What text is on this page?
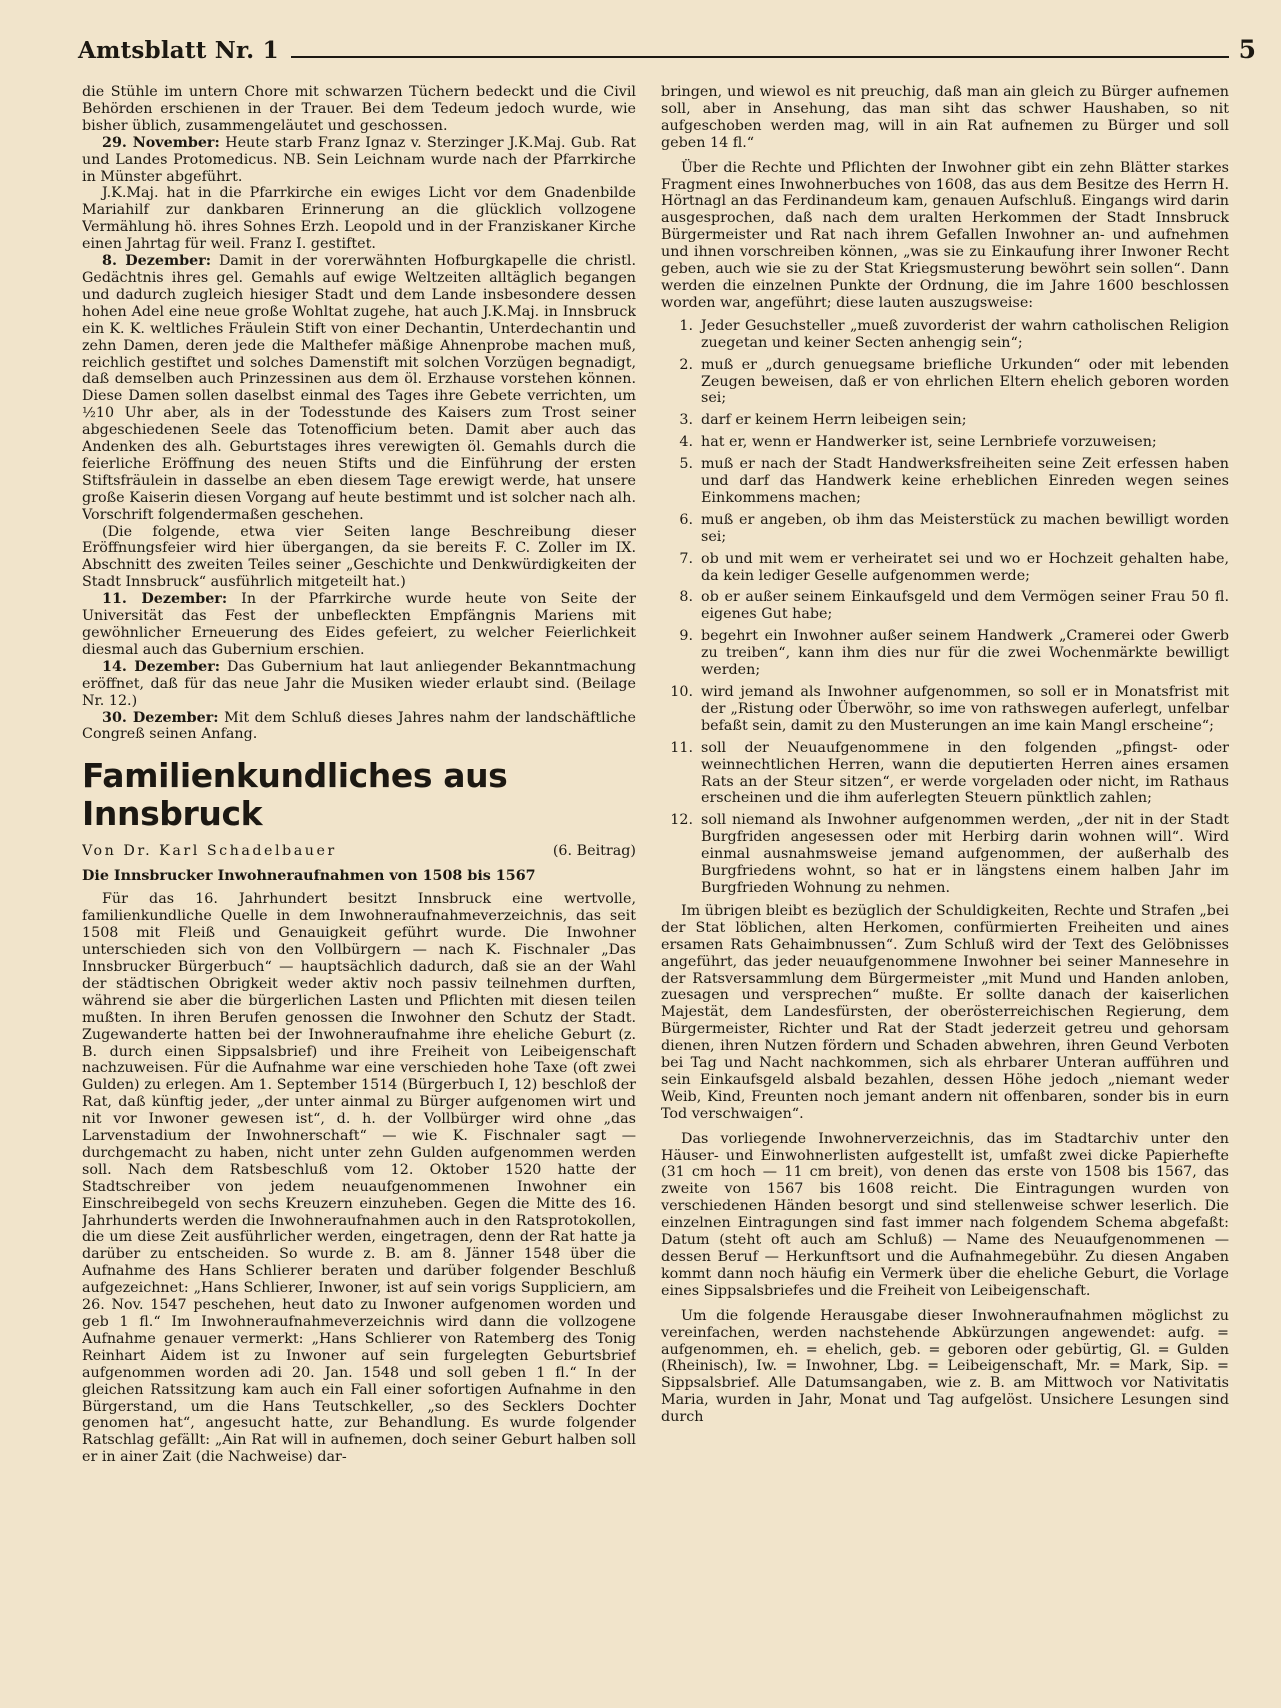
Amtsblatt Nr. 1	5

die Stühle im untern Chore mit schwarzen Tüchern bedeckt und die Civil Behörden erschienen in der Trauer. Bei dem Tedeum jedoch wurde, wie bisher üblich, zusammengeläutet und geschossen.

29. November: Heute starb Franz Ignaz v. Sterzinger J.K.Maj. Gub. Rat und Landes Protomedicus. NB. Sein Leichnam wurde nach der Pfarrkirche in Münster abgeführt.

J.K.Maj. hat in die Pfarrkirche ein ewiges Licht vor dem Gnadenbilde Mariahilf zur dankbaren Erinnerung an die glücklich vollzogene Vermählung hö. ihres Sohnes Erzh. Leopold und in der Franziskaner Kirche einen Jahrtag für weil. Franz I. gestiftet.

8. Dezember: Damit in der vorerwähnten Hofburgkapelle die christl. Gedächtnis ihres gel. Gemahls auf ewige Weltzeiten alltäglich begangen und dadurch zugleich hiesiger Stadt und dem Lande insbesondere dessen hohen Adel eine neue große Wohltat zugehe, hat auch J.K.Maj. in Innsbruck ein K. K. weltliches Fräulein Stift von einer Dechantin, Unterdechantin und zehn Damen, deren jede die Malthefer mäßige Ahnenprobe machen muß, reichlich gestiftet und solches Damenstift mit solchen Vorzügen begnadigt, daß demselben auch Prinzessinen aus dem öl. Erzhause vorstehen können. Diese Damen sollen daselbst einmal des Tages ihre Gebete verrichten, um ½10 Uhr aber, als in der Todesstunde des Kaisers zum Trost seiner abgeschiedenen Seele das Totenofficium beten. Damit aber auch das Andenken des alh. Geburtstages ihres verewigten öl. Gemahls durch die feierliche Eröffnung des neuen Stifts und die Einführung der ersten Stiftsfräulein in dasselbe an eben diesem Tage erewigt werde, hat unsere große Kaiserin diesen Vorgang auf heute bestimmt und ist solcher nach alh. Vorschrift folgendermaßen geschehen.

(Die folgende, etwa vier Seiten lange Beschreibung dieser Eröffnungsfeier wird hier übergangen, da sie bereits F. C. Zoller im IX. Abschnitt des zweiten Teiles seiner „Geschichte und Denkwürdigkeiten der Stadt Innsbruck“ ausführlich mitgeteilt hat.)

11. Dezember: In der Pfarrkirche wurde heute von Seite der Universität das Fest der unbefleckten Empfängnis Mariens mit gewöhnlicher Erneuerung des Eides gefeiert, zu welcher Feierlichkeit diesmal auch das Gubernium erschien.

14. Dezember: Das Gubernium hat laut anliegender Bekanntmachung eröffnet, daß für das neue Jahr die Musiken wieder erlaubt sind. (Beilage Nr. 12.)

30. Dezember: Mit dem Schluß dieses Jahres nahm der landschäftliche Congreß seinen Anfang.

Familienkundliches aus Innsbruck
Von Dr. Karl Schadelbauer	(6. Beitrag)
Die Innsbrucker Inwohneraufnahmen von 1508 bis 1567

Für das 16. Jahrhundert besitzt Innsbruck eine wertvolle, familienkundliche Quelle in dem Inwohneraufnahmeverzeichnis, das seit 1508 mit Fleiß und Genauigkeit geführt wurde. Die Inwohner unterschieden sich von den Vollbürgern — nach K. Fischnaler „Das Innsbrucker Bürgerbuch“ — hauptsächlich dadurch, daß sie an der Wahl der städtischen Obrigkeit weder aktiv noch passiv teilnehmen durften, während sie aber die bürgerlichen Lasten und Pflichten mit diesen teilen mußten. In ihren Berufen genossen die Inwohner den Schutz der Stadt. Zugewanderte hatten bei der Inwohneraufnahme ihre eheliche Geburt (z. B. durch einen Sippsalsbrief) und ihre Freiheit von Leibeigenschaft nachzuweisen. Für die Aufnahme war eine verschieden hohe Taxe (oft zwei Gulden) zu erlegen. Am 1. September 1514 (Bürgerbuch I, 12) beschloß der Rat, daß künftig jeder, „der unter ainmal zu Bürger aufgenomen wirt und nit vor Inwoner gewesen ist“, d. h. der Vollbürger wird ohne „das Larvenstadium der Inwohnerschaft“ — wie K. Fischnaler sagt — durchgemacht zu haben, nicht unter zehn Gulden aufgenommen werden soll. Nach dem Ratsbeschluß vom 12. Oktober 1520 hatte der Stadtschreiber von jedem neuaufgenommenen Inwohner ein Einschreibegeld von sechs Kreuzern einzuheben. Gegen die Mitte des 16. Jahrhunderts werden die Inwohneraufnahmen auch in den Ratsprotokollen, die um diese Zeit ausführlicher werden, eingetragen, denn der Rat hatte ja darüber zu entscheiden. So wurde z. B. am 8. Jänner 1548 über die Aufnahme des Hans Schlierer beraten und darüber folgender Beschluß aufgezeichnet: „Hans Schlierer, Inwoner, ist auf sein vorigs Suppliciern, am 26. Nov. 1547 peschehen, heut dato zu Inwoner aufgenomen worden und geb 1 fl.“ Im Inwohneraufnahmeverzeichnis wird dann die vollzogene Aufnahme genauer vermerkt: „Hans Schlierer von Ratemberg des Tonig Reinhart Aidem ist zu Inwoner auf sein furgelegten Geburtsbrief aufgenommen worden adi 20. Jan. 1548 und soll geben 1 fl.“ In der gleichen Ratssitzung kam auch ein Fall einer sofortigen Aufnahme in den Bürgerstand, um die Hans Teutschkeller, „so des Secklers Dochter genomen hat“, angesucht hatte, zur Behandlung. Es wurde folgender Ratschlag gefällt: „Ain Rat will in aufnemen, doch seiner Geburt halben soll er in ainer Zait (die Nachweise) dar-

bringen, und wiewol es nit preuchig, daß man ain gleich zu Bürger aufnemen soll, aber in Ansehung, das man siht das schwer Haushaben, so nit aufgeschoben werden mag, will in ain Rat aufnemen zu Bürger und soll geben 14 fl.“

Über die Rechte und Pflichten der Inwohner gibt ein zehn Blätter starkes Fragment eines Inwohnerbuches von 1608, das aus dem Besitze des Herrn H. Hörtnagl an das Ferdinandeum kam, genauen Aufschluß. Eingangs wird darin ausgesprochen, daß nach dem uralten Herkommen der Stadt Innsbruck Bürgermeister und Rat nach ihrem Gefallen Inwohner an- und aufnehmen und ihnen vorschreiben können, „was sie zu Einkaufung ihrer Inwoner Recht geben, auch wie sie zu der Stat Kriegsmusterung bewöhrt sein sollen“. Dann werden die einzelnen Punkte der Ordnung, die im Jahre 1600 beschlossen worden war, angeführt; diese lauten auszugsweise:

1. Jeder Gesuchsteller „mueß zuvorderist der wahrn catholischen Religion zuegetan und keiner Secten anhengig sein“;
2. muß er „durch genuegsame briefliche Urkunden“ oder mit lebenden Zeugen beweisen, daß er von ehrlichen Eltern ehelich geboren worden sei;
3. darf er keinem Herrn leibeigen sein;
4. hat er, wenn er Handwerker ist, seine Lernbriefe vorzuweisen;
5. muß er nach der Stadt Handwerksfreiheiten seine Zeit erfessen haben und darf das Handwerk keine erheblichen Einreden wegen seines Einkommens machen;
6. muß er angeben, ob ihm das Meisterstück zu machen bewilligt worden sei;
7. ob und mit wem er verheiratet sei und wo er Hochzeit gehalten habe, da kein lediger Geselle aufgenommen werde;
8. ob er außer seinem Einkaufsgeld und dem Vermögen seiner Frau 50 fl. eigenes Gut habe;
9. begehrt ein Inwohner außer seinem Handwerk „Cramerei oder Gwerb zu treiben“, kann ihm dies nur für die zwei Wochenmärkte bewilligt werden;
10. wird jemand als Inwohner aufgenommen, so soll er in Monatsfrist mit der „Ristung oder Überwöhr, so ime von rathswegen auferlegt, unfelbar befaßt sein, damit zu den Musterungen an ime kain Mangl erscheine“;
11. soll der Neuaufgenommene in den folgenden „pfingst- oder weinnechtlichen Herren, wann die deputierten Herren aines ersamen Rats an der Steur sitzen“, er werde vorgeladen oder nicht, im Rathaus erscheinen und die ihm auferlegten Steuern pünktlich zahlen;
12. soll niemand als Inwohner aufgenommen werden, „der nit in der Stadt Burgfriden angesessen oder mit Herbirg darin wohnen will“. Wird einmal ausnahmsweise jemand aufgenommen, der außerhalb des Burgfriedens wohnt, so hat er in längstens einem halben Jahr im Burgfrieden Wohnung zu nehmen.

Im übrigen bleibt es bezüglich der Schuldigkeiten, Rechte und Strafen „bei der Stat löblichen, alten Herkomen, confürmierten Freiheiten und aines ersamen Rats Gehaimbnussen“. Zum Schluß wird der Text des Gelöbnisses angeführt, das jeder neuaufgenommene Inwohner bei seiner Mannesehre in der Ratsversammlung dem Bürgermeister „mit Mund und Handen anloben, zuesagen und versprechen“ mußte. Er sollte danach der kaiserlichen Majestät, dem Landesfürsten, der oberösterreichischen Regierung, dem Bürgermeister, Richter und Rat der Stadt jederzeit getreu und gehorsam dienen, ihren Nutzen fördern und Schaden abwehren, ihren Geund Verboten bei Tag und Nacht nachkommen, sich als ehrbarer Unteran aufführen und sein Einkaufsgeld alsbald bezahlen, dessen Höhe jedoch „niemant weder Weib, Kind, Freunten noch jemant andern nit offenbaren, sonder bis in eurn Tod verschwaigen“.

Das vorliegende Inwohnerverzeichnis, das im Stadtarchiv unter den Häuser- und Einwohnerlisten aufgestellt ist, umfaßt zwei dicke Papierhefte (31 cm hoch — 11 cm breit), von denen das erste von 1508 bis 1567, das zweite von 1567 bis 1608 reicht. Die Eintragungen wurden von verschiedenen Händen besorgt und sind stellenweise schwer leserlich. Die einzelnen Eintragungen sind fast immer nach folgendem Schema abgefaßt: Datum (steht oft auch am Schluß) — Name des Neuaufgenommenen — dessen Beruf — Herkunftsort und die Aufnahmegebühr. Zu diesen Angaben kommt dann noch häufig ein Vermerk über die eheliche Geburt, die Vorlage eines Sippsalsbriefes und die Freiheit von Leibeigenschaft.

Um die folgende Herausgabe dieser Inwohneraufnahmen möglichst zu vereinfachen, werden nachstehende Abkürzungen angewendet: aufg. = aufgenommen, eh. = ehelich, geb. = geboren oder gebürtig, Gl. = Gulden (Rheinisch), Iw. = Inwohner, Lbg. = Leibeigenschaft, Mr. = Mark, Sip. = Sippsalsbrief. Alle Datumsangaben, wie z. B. am Mittwoch vor Nativitatis Maria, wurden in Jahr, Monat und Tag aufgelöst. Unsichere Lesungen sind durch
